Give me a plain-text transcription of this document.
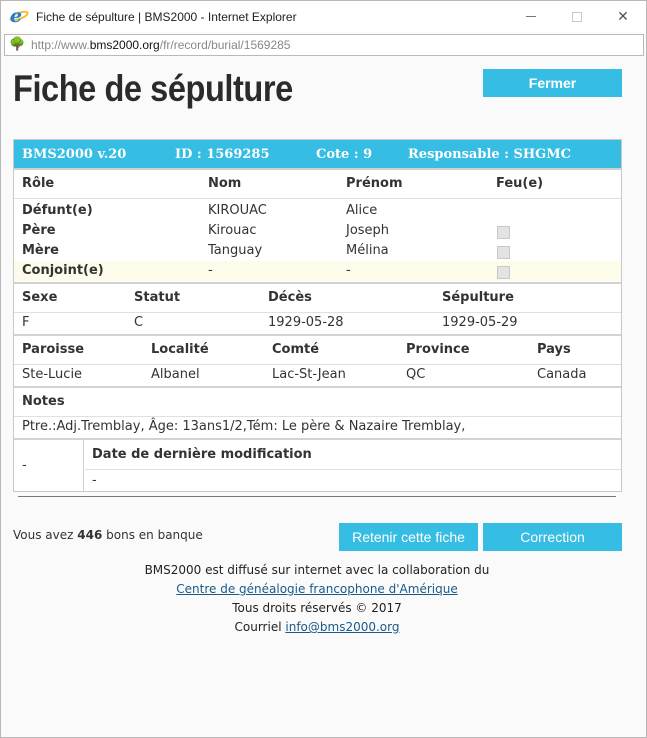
e Fiche de sépulture | BMS2000 - Internet Explorer	✕
🌳 http://www.bms2000.org/fr/record/burial/1569285
Fiche de sépulture	Fermer
BMS2000 v.20	ID : 1569285	Cote : 9	Responsable : SHGMC
Rôle	Nom	Prénom	Feu(e)
Défunt(e)	KIROUAC	Alice
Père	Kirouac	Joseph
Mère	Tanguay	Mélina
Conjoint(e)	-	-
Sexe	Statut	Décès	Sépulture
F	C	1929-05-28	1929-05-29
Paroisse	Localité	Comté	Province	Pays
Ste-Lucie	Albanel	Lac-St-Jean	QC	Canada
Notes
Ptre.:Adj.Tremblay, Âge: 13ans1/2,Tém: Le père & Nazaire Tremblay,
-
Date de dernière modification
-
Vous avez 446 bons en banque	Retenir cette fiche	Correction
BMS2000 est diffusé sur internet avec la collaboration du
Centre de généalogie francophone d'Amérique
Tous droits réservés © 2017
Courriel info@bms2000.org
